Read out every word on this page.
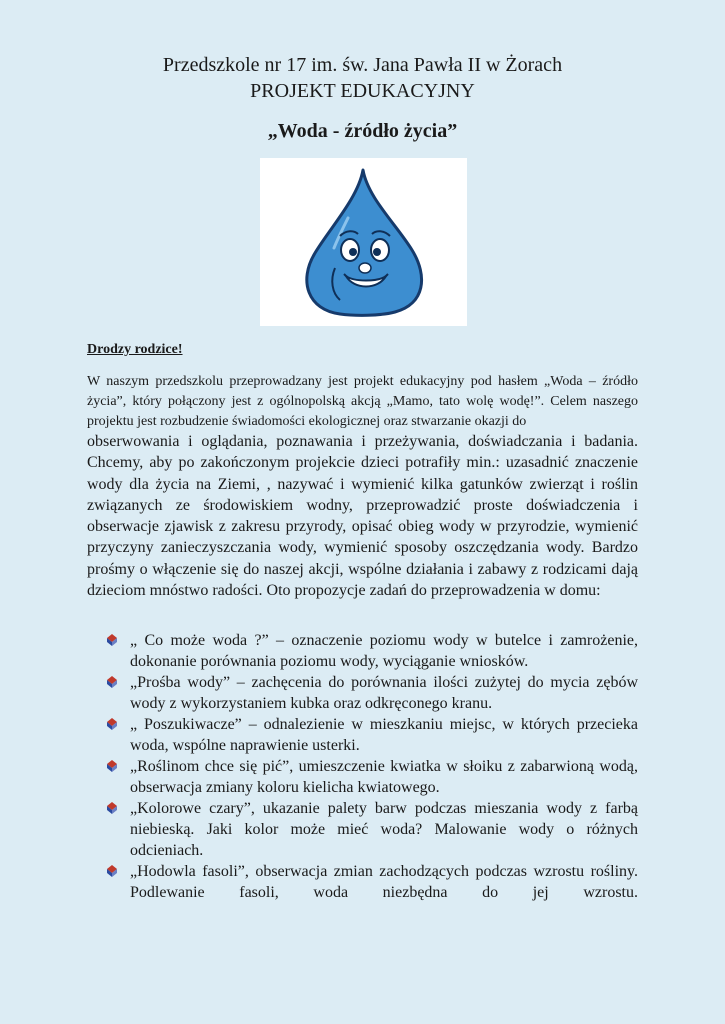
Przedszkole nr 17 im. św. Jana Pawła II w Żorach
PROJEKT EDUKACYJNY
„Woda - źródło życia”
Drodzy rodzice!
W naszym przedszkolu przeprowadzany jest projekt edukacyjny pod hasłem „Woda – źródło życia”, który połączony jest z ogólnopolską akcją „Mamo, tato wolę wodę!”. Celem naszego projektu jest rozbudzenie świadomości ekologicznej oraz stwarzanie okazji do
obserwowania i oglądania, poznawania i przeżywania, doświadczania i badania. Chcemy, aby po zakończonym projekcie dzieci potrafiły min.: uzasadnić znaczenie wody dla życia na Ziemi, , nazywać i wymienić kilka gatunków zwierząt i roślin związanych ze środowiskiem wodny, przeprowadzić proste doświadczenia i obserwacje zjawisk z zakresu przyrody, opisać obieg wody w przyrodzie, wymienić przyczyny zanieczyszczania wody, wymienić sposoby oszczędzania wody. Bardzo prośmy o włączenie się do naszej akcji, wspólne działania i zabawy z rodzicami dają dzieciom mnóstwo radości. Oto propozycje zadań do przeprowadzenia w domu:
„ Co może woda ?” – oznaczenie poziomu wody w butelce i zamrożenie, dokonanie porównania poziomu wody, wyciąganie wniosków.
„Prośba wody” – zachęcenia do porównania ilości zużytej do mycia zębów wody z wykorzystaniem kubka oraz odkręconego kranu.
„ Poszukiwacze” – odnalezienie w mieszkaniu miejsc, w których przecieka woda, wspólne naprawienie usterki.
„Roślinom chce się pić”, umieszczenie kwiatka w słoiku z zabarwioną wodą, obserwacja zmiany koloru kielicha kwiatowego.
„Kolorowe czary”, ukazanie palety barw podczas mieszania wody z farbą niebieską. Jaki kolor może mieć woda? Malowanie wody o różnych odcieniach.
„Hodowla fasoli”, obserwacja zmian zachodzących podczas wzrostu rośliny. Podlewanie fasoli, woda niezbędna do jej wzrostu.
